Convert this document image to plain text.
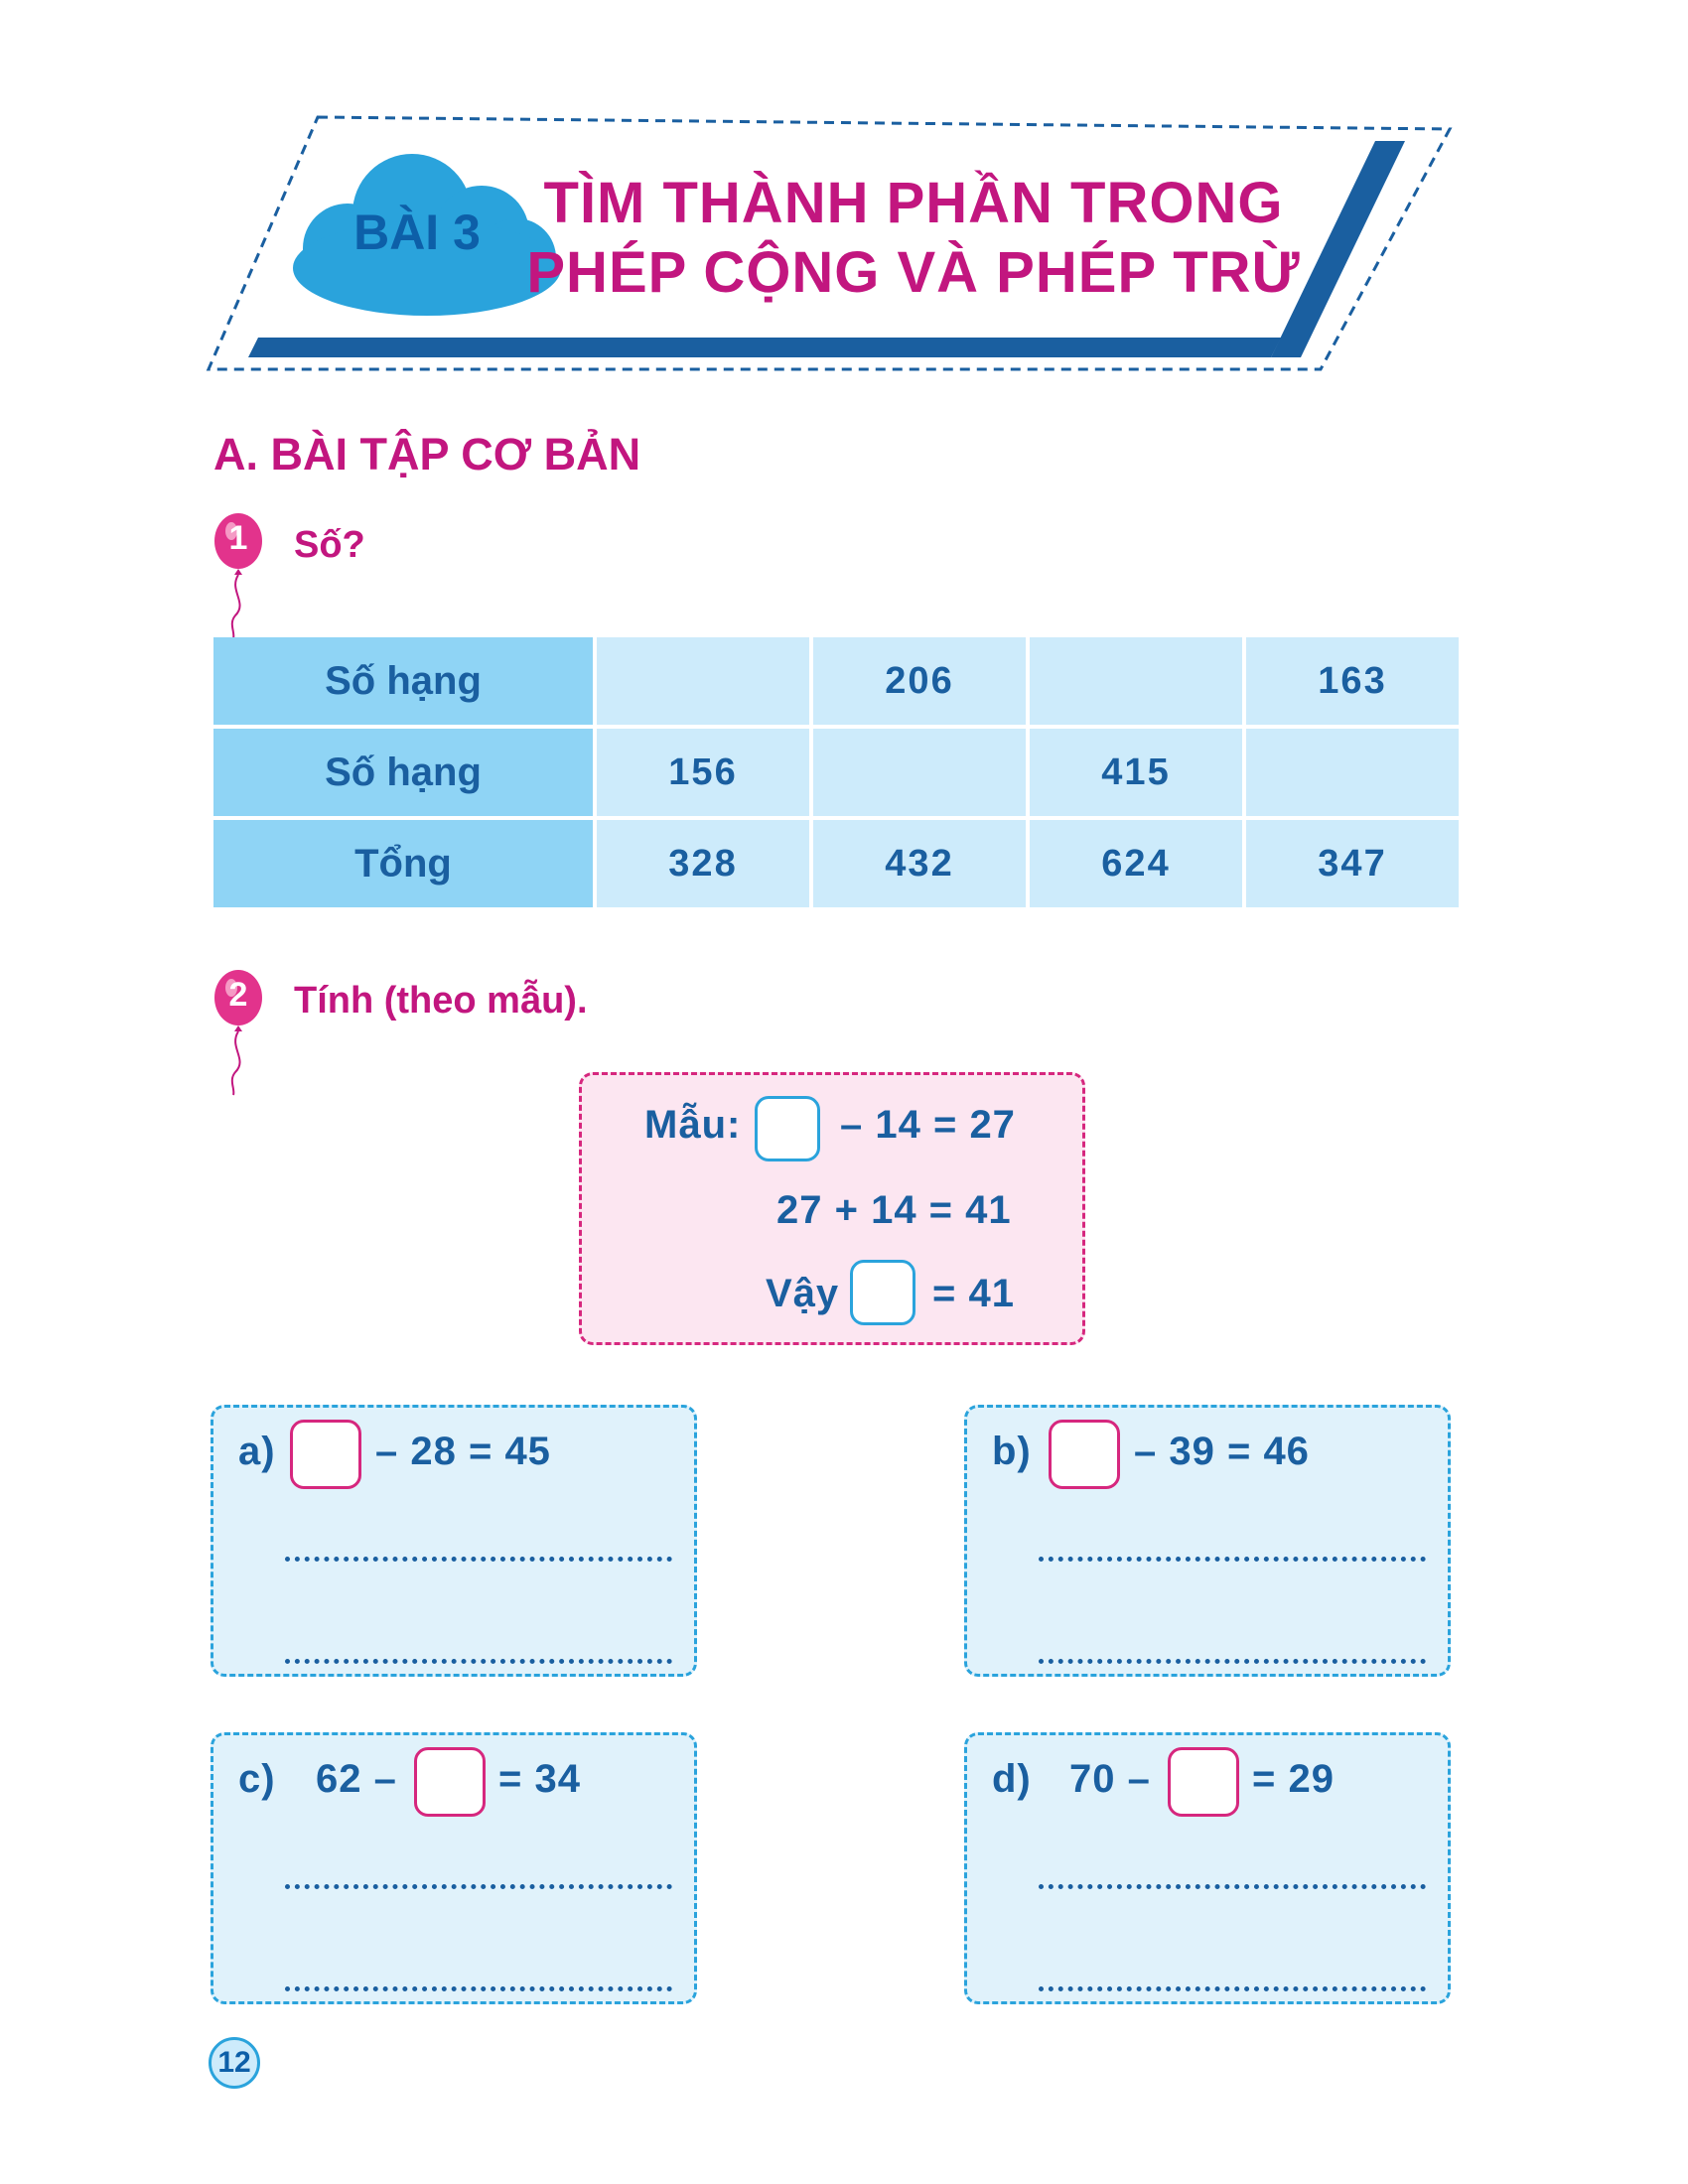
BÀI 3	TÌM THÀNH PHẦN TRONG
PHÉP CỘNG VÀ PHÉP TRỪ
A. BÀI TẬP CƠ BẢN
1	Số?
Số hạng		206		163
Số hạng	156		415	
Tổng	328	432	624	347
2	Tính (theo mẫu).
Mẫu: – 14 = 27
27 + 14 = 41
Vậy = 41
a)	– 28 = 45	b)	– 39 = 46
c) 62 –	= 34	d) 70 –	= 29
12
